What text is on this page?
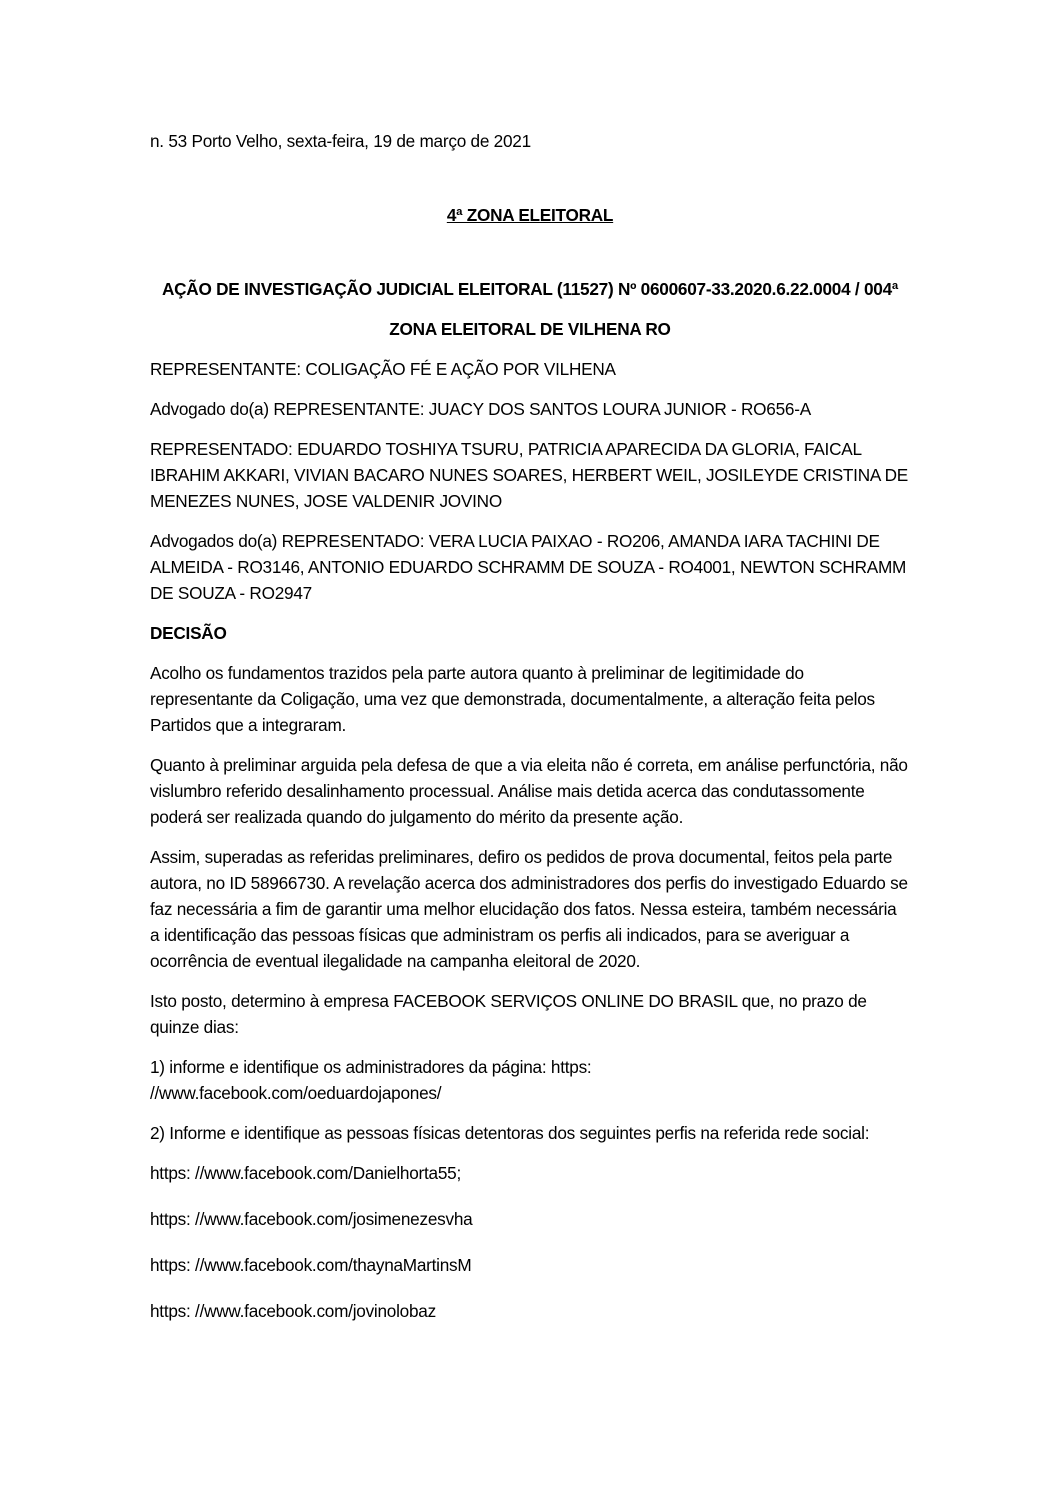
n. 53 Porto Velho, sexta-feira, 19 de março de 2021

4ª ZONA ELEITORAL

AÇÃO DE INVESTIGAÇÃO JUDICIAL ELEITORAL (11527) Nº 0600607-33.2020.6.22.0004 / 004ª

ZONA ELEITORAL DE VILHENA RO

REPRESENTANTE: COLIGAÇÃO FÉ E AÇÃO POR VILHENA

Advogado do(a) REPRESENTANTE: JUACY DOS SANTOS LOURA JUNIOR - RO656-A

REPRESENTADO: EDUARDO TOSHIYA TSURU, PATRICIA APARECIDA DA GLORIA, FAICAL IBRAHIM AKKARI, VIVIAN BACARO NUNES SOARES, HERBERT WEIL, JOSILEYDE CRISTINA DE MENEZES NUNES, JOSE VALDENIR JOVINO

Advogados do(a) REPRESENTADO: VERA LUCIA PAIXAO - RO206, AMANDA IARA TACHINI DE ALMEIDA - RO3146, ANTONIO EDUARDO SCHRAMM DE SOUZA - RO4001, NEWTON SCHRAMM DE SOUZA - RO2947

DECISÃO

Acolho os fundamentos trazidos pela parte autora quanto à preliminar de legitimidade do representante da Coligação, uma vez que demonstrada, documentalmente, a alteração feita pelos Partidos que a integraram.

Quanto à preliminar arguida pela defesa de que a via eleita não é correta, em análise perfunctória, não vislumbro referido desalinhamento processual. Análise mais detida acerca das condutassomente poderá ser realizada quando do julgamento do mérito da presente ação.

Assim, superadas as referidas preliminares, defiro os pedidos de prova documental, feitos pela parte autora, no ID 58966730. A revelação acerca dos administradores dos perfis do investigado Eduardo se faz necessária a fim de garantir uma melhor elucidação dos fatos. Nessa esteira, também necessária a identificação das pessoas físicas que administram os perfis ali indicados, para se averiguar a ocorrência de eventual ilegalidade na campanha eleitoral de 2020.

Isto posto, determino à empresa FACEBOOK SERVIÇOS ONLINE DO BRASIL que, no prazo de quinze dias:

1) informe e identifique os administradores da página: https:
//www.facebook.com/oeduardojapones/

2) Informe e identifique as pessoas físicas detentoras dos seguintes perfis na referida rede social:

https: //www.facebook.com/Danielhorta55;

https: //www.facebook.com/josimenezesvha

https: //www.facebook.com/thaynaMartinsM

https: //www.facebook.com/jovinolobaz
